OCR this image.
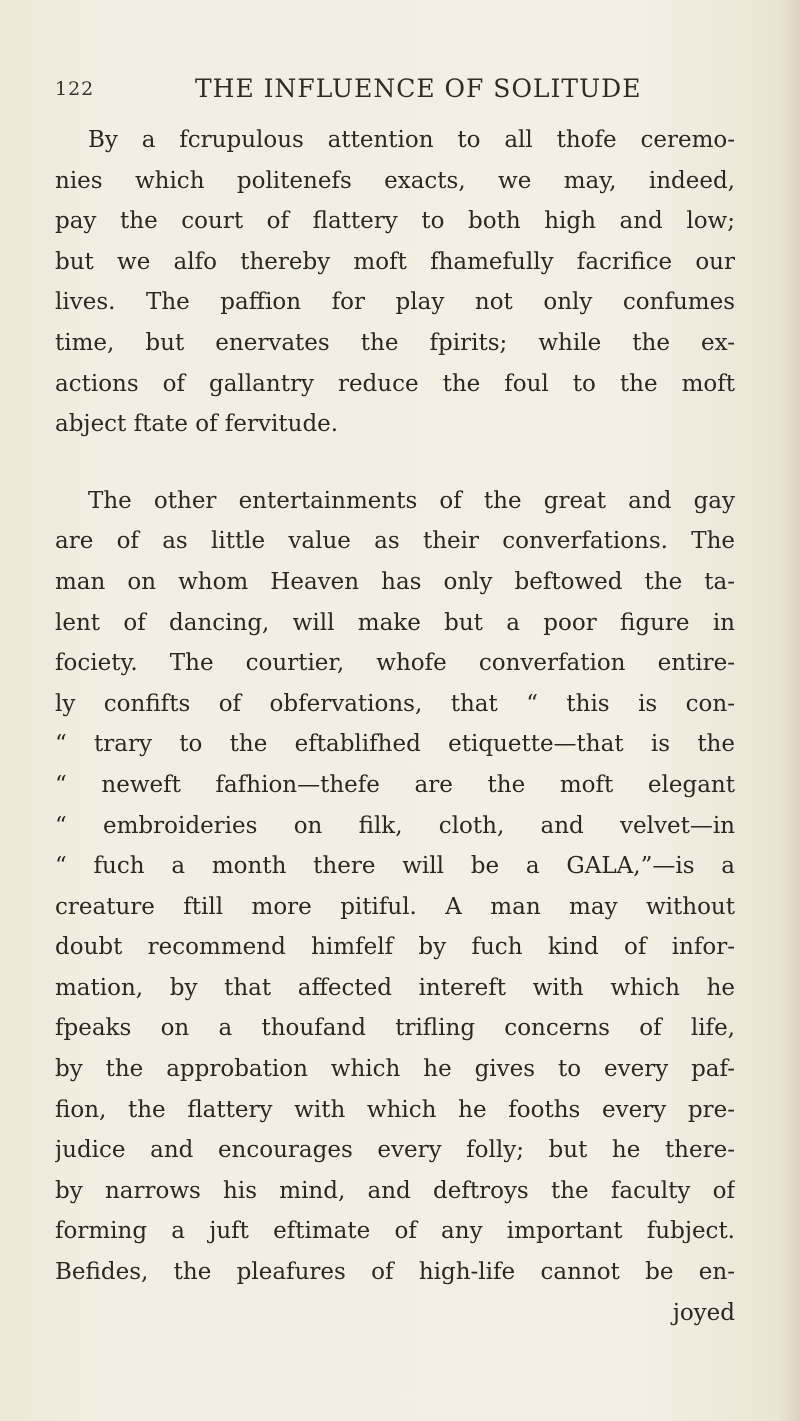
122	THE INFLUENCE OF SOLITUDE

By a fcrupulous attention to all thofe ceremo-
nies which politenefs exacts, we may, indeed,
pay the court of flattery to both high and low;
but we alfo thereby moft fhamefully facrifice our
lives. The paffion for play not only confumes
time, but enervates the fpirits; while the ex-
actions of gallantry reduce the foul to the moft
abject ftate of fervitude.

The other entertainments of the great and gay
are of as little value as their converfations. The
man on whom Heaven has only beftowed the ta-
lent of dancing, will make but a poor figure in
fociety. The courtier, whofe converfation entire-
ly confifts of obfervations, that “ this is con-
“ trary to the eftablifhed etiquette—that is the
“ neweft fafhion—thefe are the moft elegant
“ embroideries on filk, cloth, and velvet—in
“ fuch a month there will be a GALA,”—is a
creature ftill more pitiful. A man may without
doubt recommend himfelf by fuch kind of infor-
mation, by that affected intereft with which he
fpeaks on a thoufand trifling concerns of life,
by the approbation which he gives to every paf-
fion, the flattery with which he fooths every pre-
judice and encourages every folly; but he there-
by narrows his mind, and deftroys the faculty of
forming a juft eftimate of any important fubject.
Befides, the pleafures of high-life cannot be en-
joyed
